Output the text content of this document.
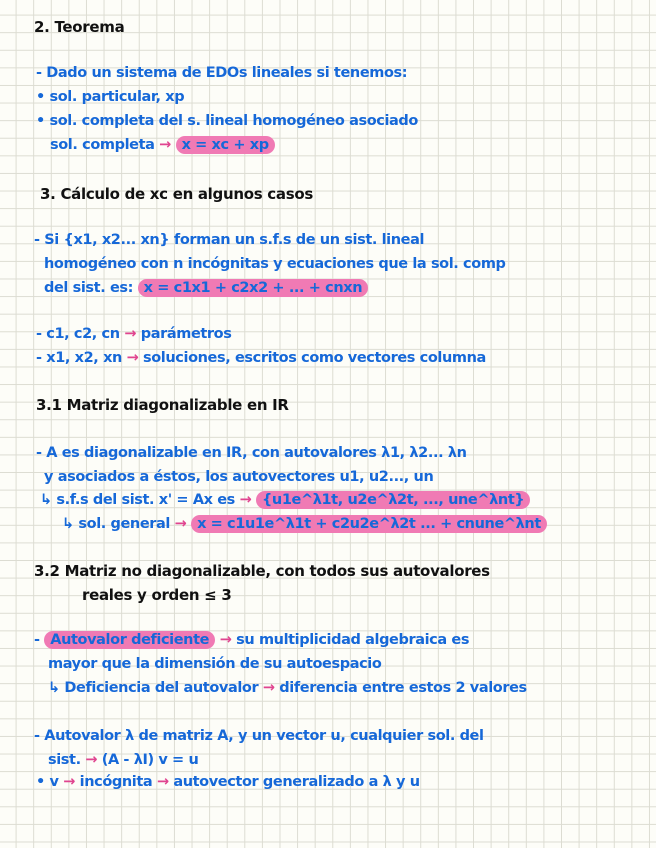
2. Teorema
- Dado un sistema de EDOs lineales si tenemos:
• sol. particular, xp
• sol. completa del s. lineal homogéneo asociado
sol. completa → x = xc + xp
3. Cálculo de xc en algunos casos
- Si {x1, x2... xn} forman un s.f.s de un sist. lineal
homogéneo con n incógnitas y ecuaciones que la sol. comp
del sist. es: x = c1x1 + c2x2 + ... + cnxn
- c1, c2, cn → parámetros
- x1, x2, xn → soluciones, escritos como vectores columna
3.1 Matriz diagonalizable en IR
- A es diagonalizable en IR, con autovalores λ1, λ2... λn
y asociados a éstos, los autovectores u1, u2..., un
↳ s.f.s del sist. x' = Ax es → {u1e^λ1t, u2e^λ2t, ..., une^λnt}
↳ sol. general → x = c1u1e^λ1t + c2u2e^λ2t ... + cnune^λnt
3.2 Matriz no diagonalizable, con todos sus autovalores
reales y orden ≤ 3
- Autovalor deficiente → su multiplicidad algebraica es
mayor que la dimensión de su autoespacio
↳ Deficiencia del autovalor → diferencia entre estos 2 valores
- Autovalor λ de matriz A, y un vector u, cualquier sol. del
sist. → (A - λI) v = u
• v → incógnita → autovector generalizado a λ y u
